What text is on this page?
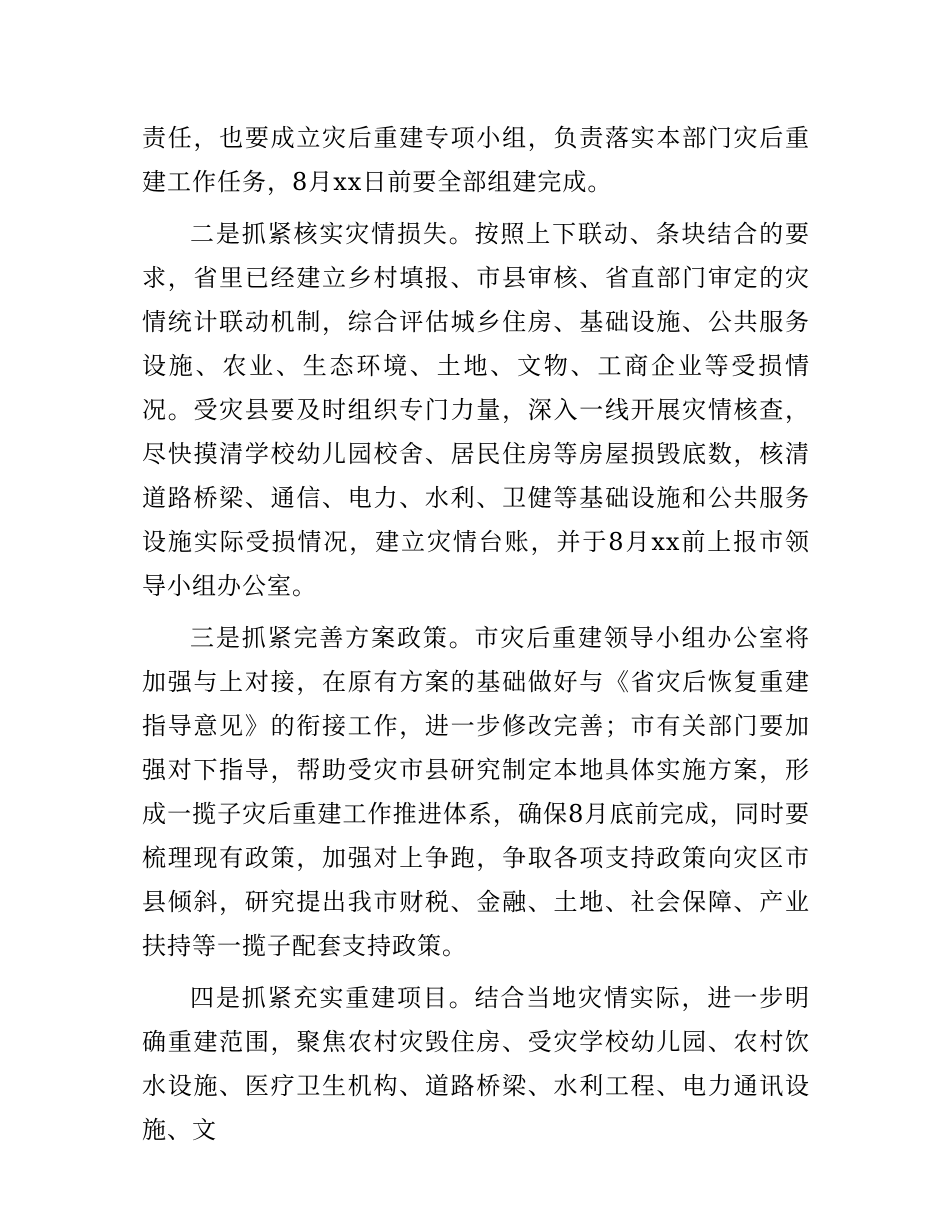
责任，也要成立灾后重建专项小组，负责落实本部门灾后重建工作任务，8月xx日前要全部组建完成。

二是抓紧核实灾情损失。按照上下联动、条块结合的要求，省里已经建立乡村填报、市县审核、省直部门审定的灾情统计联动机制，综合评估城乡住房、基础设施、公共服务设施、农业、生态环境、土地、文物、工商企业等受损情况。受灾县要及时组织专门力量，深入一线开展灾情核查，尽快摸清学校幼儿园校舍、居民住房等房屋损毁底数，核清道路桥梁、通信、电力、水利、卫健等基础设施和公共服务设施实际受损情况，建立灾情台账，并于8月xx前上报市领导小组办公室。

三是抓紧完善方案政策。市灾后重建领导小组办公室将加强与上对接，在原有方案的基础做好与《省灾后恢复重建指导意见》的衔接工作，进一步修改完善；市有关部门要加强对下指导，帮助受灾市县研究制定本地具体实施方案，形成一揽子灾后重建工作推进体系，确保8月底前完成，同时要梳理现有政策，加强对上争跑，争取各项支持政策向灾区市县倾斜，研究提出我市财税、金融、土地、社会保障、产业扶持等一揽子配套支持政策。

四是抓紧充实重建项目。结合当地灾情实际，进一步明确重建范围，聚焦农村灾毁住房、受灾学校幼儿园、农村饮水设施、医疗卫生机构、道路桥梁、水利工程、电力通讯设施、文
